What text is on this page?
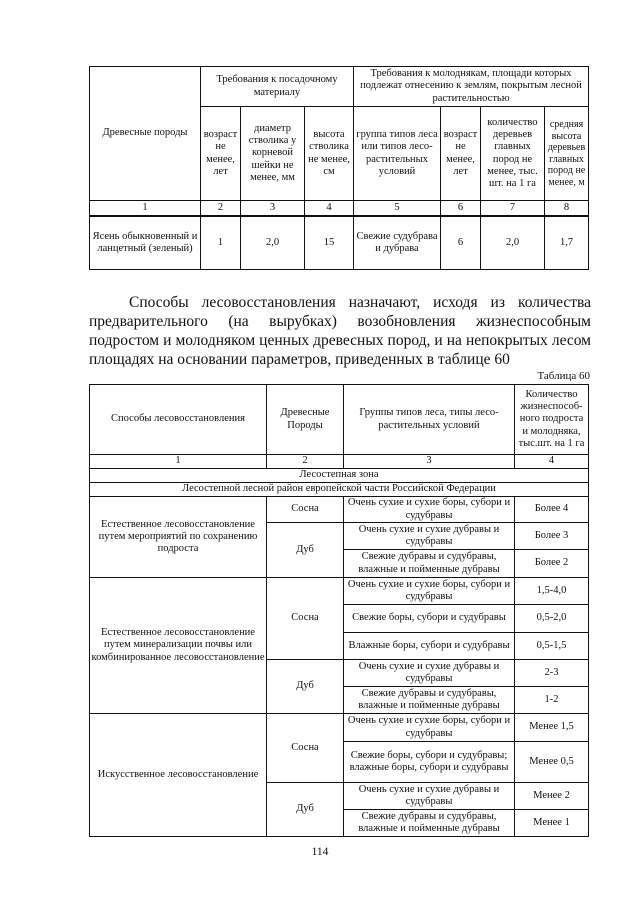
Древесные породы	Требования к посадочному материалу			Требования к молоднякам, площади которых подлежат отнесению к землям, покрытым лесной растительностью			
	возраст не менее, лет	диаметр стволика у корневой шейки не менее, мм	высота стволика не менее, см	группа типов леса или типов лесо-растительных условий	возраст не менее, лет	количество деревьев главных пород не менее, тыс. шт. на 1 га	средняя высота деревьев главных пород не менее, м
1	2	3	4	5	6	7	8
Ясень обыкновенный и ланцетный (зеленый)	1	2,0	15	Свежие судубрава и дубрава	6	2,0	1,7
Способы лесовосстановления назначают, исходя из количества предварительного (на вырубках) возобновления жизнеспособным подростом и молодняком ценных древесных пород, и на непокрытых лесом площадях на основании параметров, приведенных в таблице 60
Таблица 60
Способы лесовосстановления	Древесные Породы	Группы типов леса, типы лесо-растительных условий	Количество жизнеспособ-ного подроста и молодняка, тыс.шт. на 1 га
1	2	3	4
Лесостепная зона			
Лесостепной лесной район европейской части Российской Федерации			
Естественное лесовосстановление путем мероприятий по сохранению подроста	Сосна	Очень сухие и сухие боры, субори и судубравы	Более 4
	Дуб	Очень сухие и сухие дубравы и судубравы	Более 3
		Свежие дубравы и судубравы, влажные и пойменные дубравы	Более 2
Естественное лесовосстановление путем минерализации почвы или комбинированное лесовосстановление	Сосна	Очень сухие и сухие боры, субори и судубравы	1,5-4,0
		Свежие боры, субори и судубравы	0,5-2,0
		Влажные боры, субори и судубравы	0,5-1,5
	Дуб	Очень сухие и сухие дубравы и судубравы	2-3
		Свежие дубравы и судубравы, влажные и пойменные дубравы	1-2
Искусственное лесовосстановление	Сосна	Очень сухие и сухие боры, субори и судубравы	Менее 1,5
		Свежие боры, субори и судубравы; влажные боры, субори и судубравы	Менее 0,5
	Дуб	Очень сухие и сухие дубравы и судубравы	Менее 2
		Свежие дубравы и судубравы, влажные и пойменные дубравы	Менее 1
114
